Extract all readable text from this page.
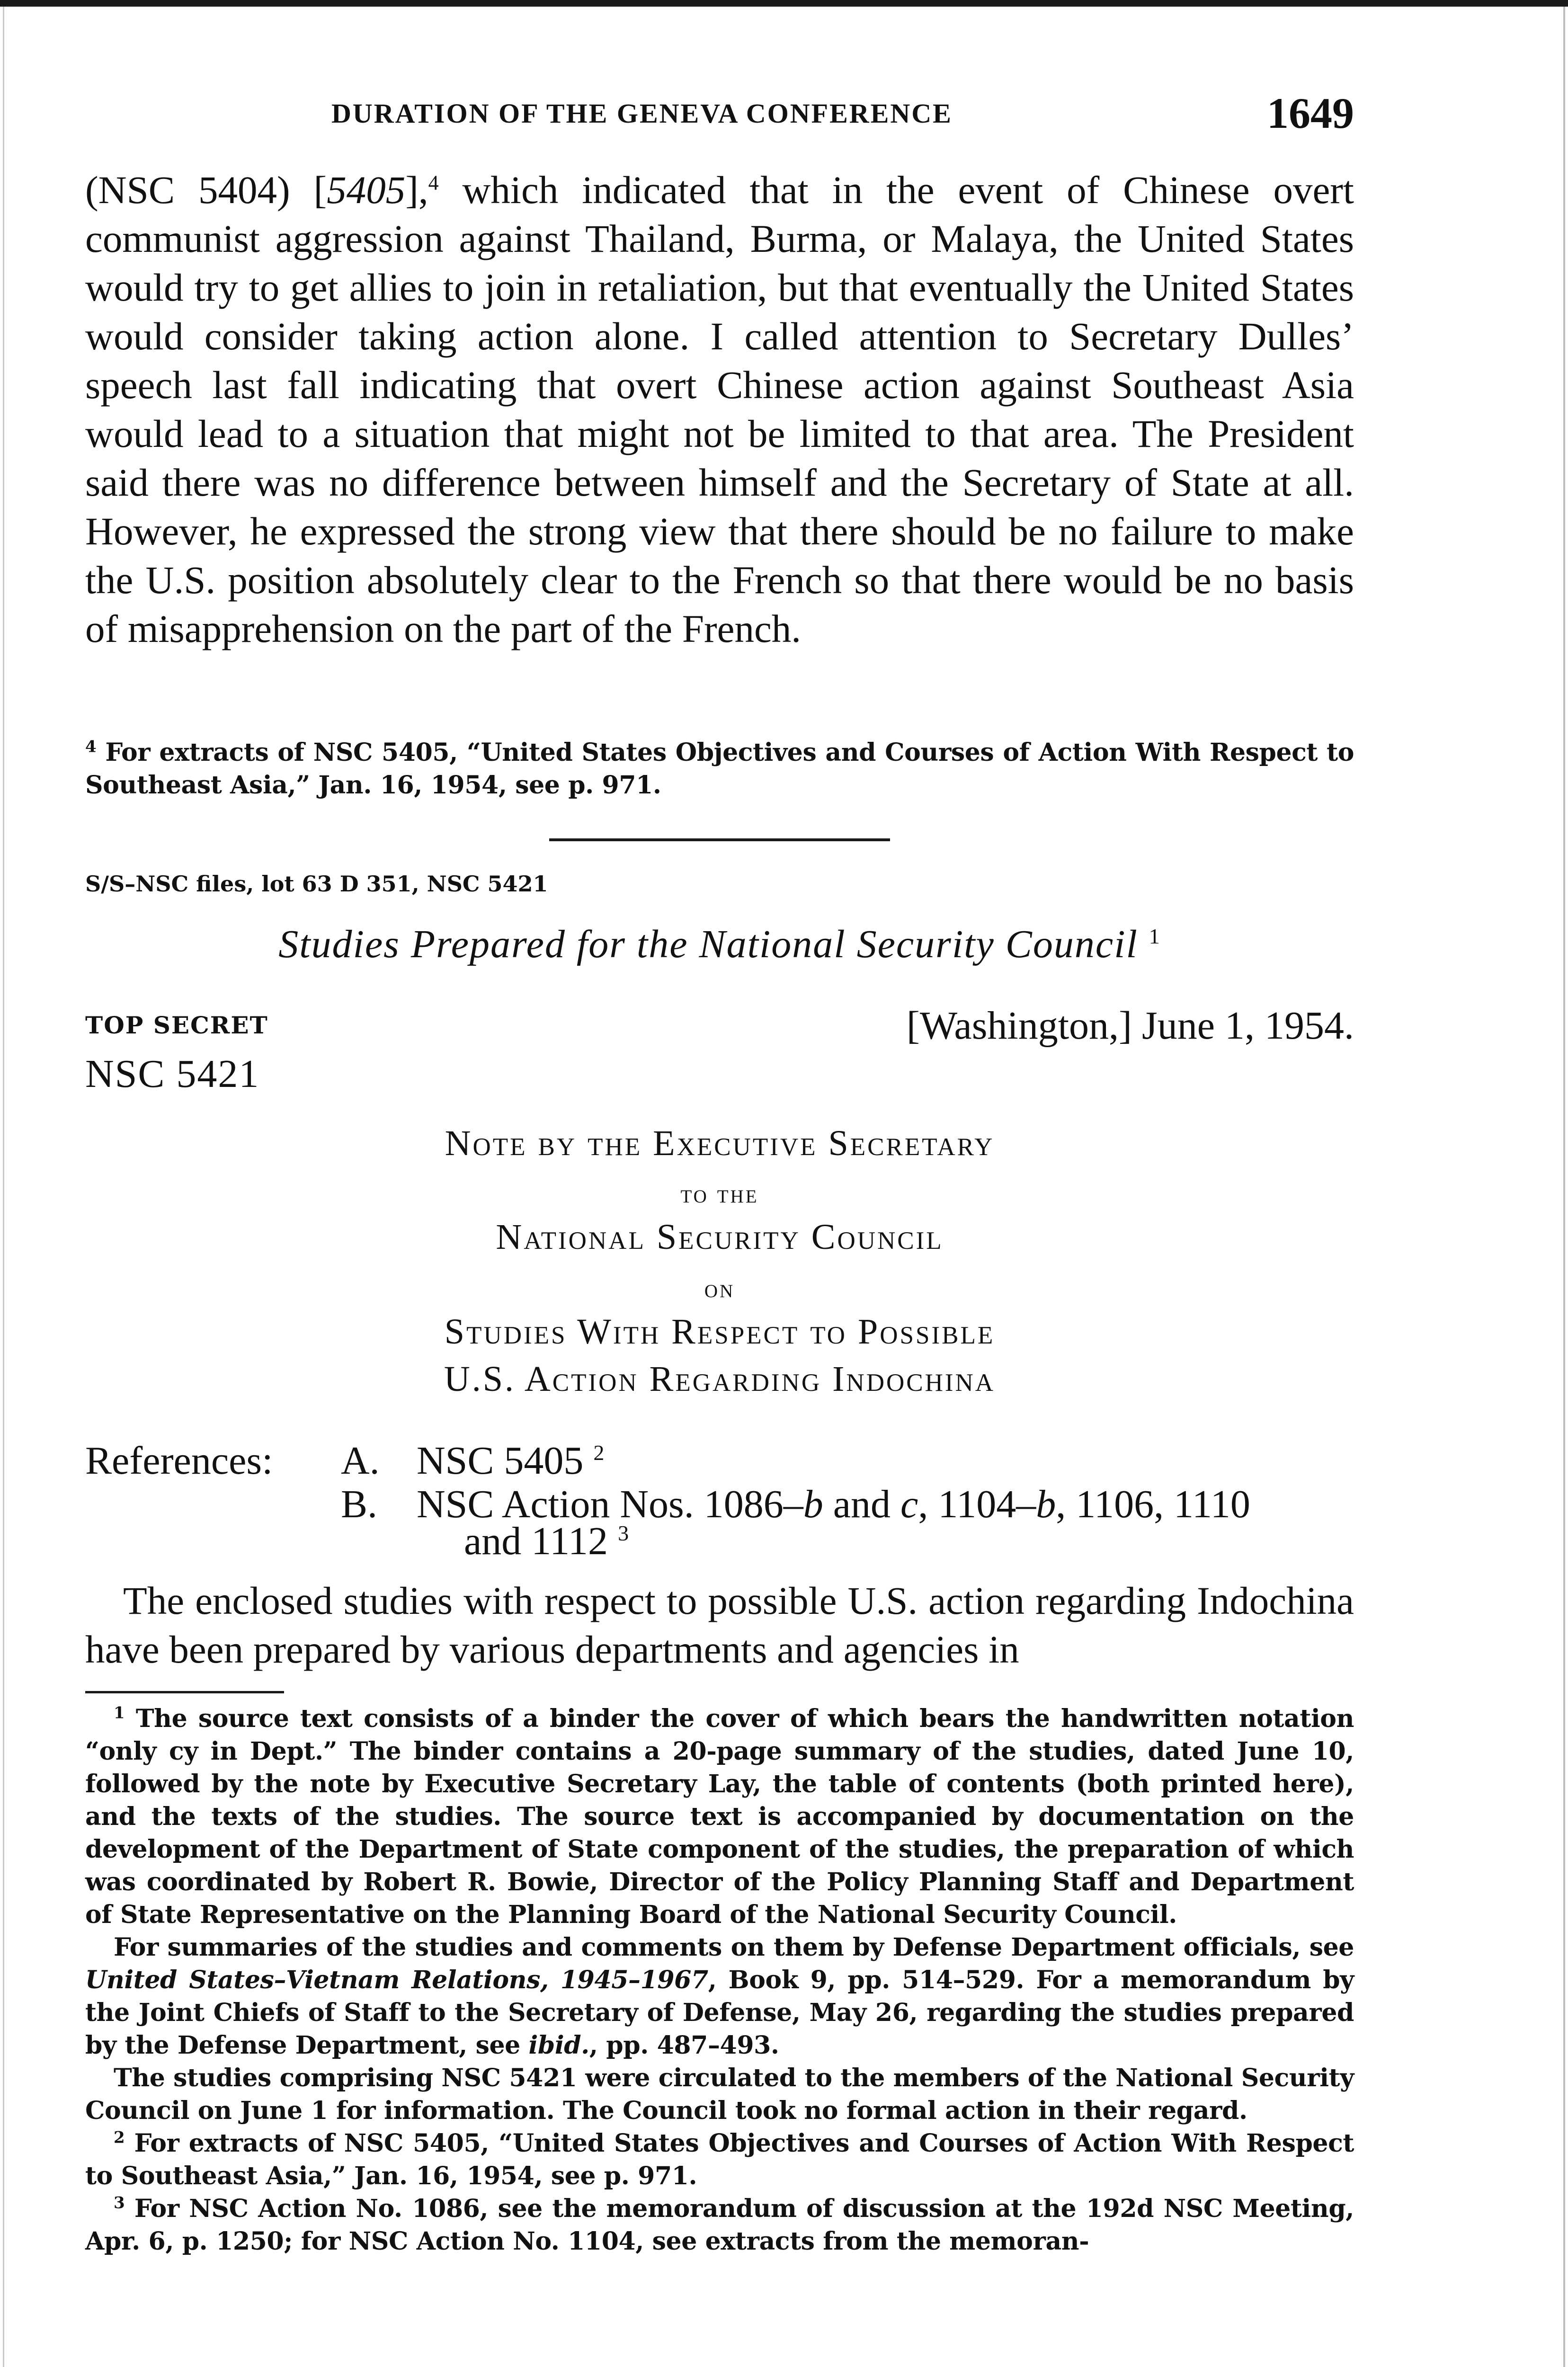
DURATION OF THE GENEVA CONFERENCE	1649

(NSC 5404) [5405],$^4$ which indicated that in the event of Chinese overt communist aggression against Thailand, Burma, or Malaya, the United States would try to get allies to join in retaliation, but that eventually the United States would consider taking action alone. I called attention to Secretary Dulles’ speech last fall indicating that overt Chinese action against Southeast Asia would lead to a situation that might not be limited to that area. The President said there was no difference between himself and the Secretary of State at all. However, he expressed the strong view that there should be no failure to make the U.S. position absolutely clear to the French so that there would be no basis of misapprehension on the part of the French.

$^4$ For extracts of NSC 5405, “United States Objectives and Courses of Action With Respect to Southeast Asia,” Jan. 16, 1954, see p. 971.

S/S–NSC files, lot 63 D 351, NSC 5421
Studies Prepared for the National Security Council $^1$
TOP SECRET
NSC 5421
[Washington,] June 1, 1954.
Note by the Executive Secretary
to the
National Security Council
on
Studies With Respect to Possible
U.S. Action Regarding Indochina
References: A. NSC 5405 $^2$
B. NSC Action Nos. 1086–b and c, 1104–b, 1106, 1110
and 1112 $^3$

The enclosed studies with respect to possible U.S. action regarding Indochina have been prepared by various departments and agencies in

$^1$ The source text consists of a binder the cover of which bears the handwritten notation “only cy in Dept.” The binder contains a 20-page summary of the studies, dated June 10, followed by the note by Executive Secretary Lay, the table of contents (both printed here), and the texts of the studies. The source text is accompanied by documentation on the development of the Department of State component of the studies, the preparation of which was coordinated by Robert R. Bowie, Director of the Policy Planning Staff and Department of State Representative on the Planning Board of the National Security Council.

For summaries of the studies and comments on them by Defense Department officials, see United States–Vietnam Relations, 1945–1967, Book 9, pp. 514–529. For a memorandum by the Joint Chiefs of Staff to the Secretary of Defense, May 26, regarding the studies prepared by the Defense Department, see ibid., pp. 487–493.

The studies comprising NSC 5421 were circulated to the members of the National Security Council on June 1 for information. The Council took no formal action in their regard.

$^2$ For extracts of NSC 5405, “United States Objectives and Courses of Action With Respect to Southeast Asia,” Jan. 16, 1954, see p. 971.

$^3$ For NSC Action No. 1086, see the memorandum of discussion at the 192d NSC Meeting, Apr. 6, p. 1250; for NSC Action No. 1104, see extracts from the memoran-
